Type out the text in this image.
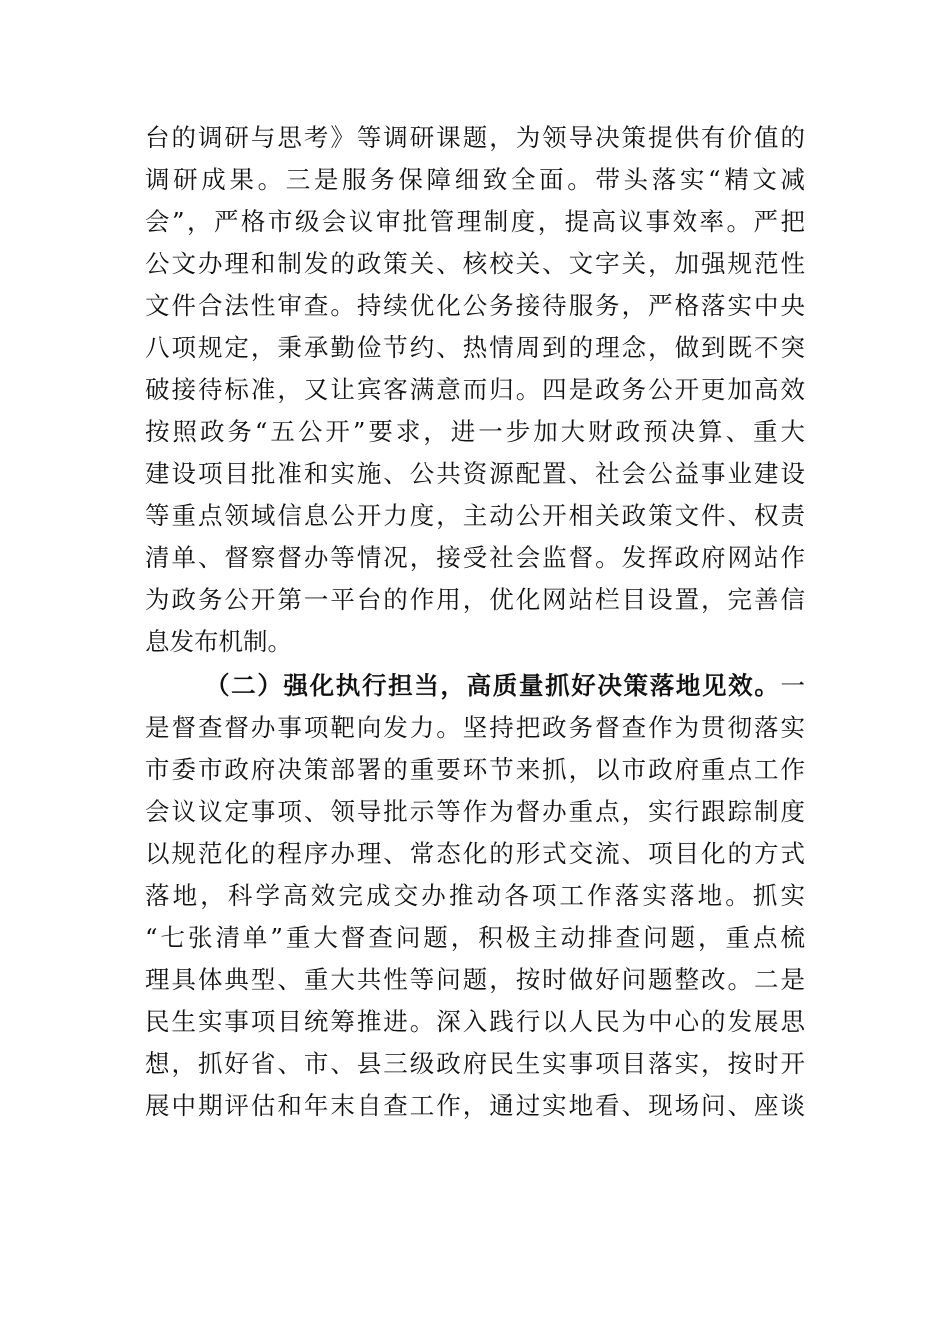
台的调研与思考》等调研课题，为领导决策提供有价值的
调研成果。三是服务保障细致全面。带头落实“精文减
会”，严格市级会议审批管理制度，提高议事效率。严把
公文办理和制发的政策关、核校关、文字关，加强规范性
文件合法性审查。持续优化公务接待服务，严格落实中央
八项规定，秉承勤俭节约、热情周到的理念，做到既不突
破接待标准，又让宾客满意而归。四是政务公开更加高效
按照政务“五公开”要求，进一步加大财政预决算、重大
建设项目批准和实施、公共资源配置、社会公益事业建设
等重点领域信息公开力度，主动公开相关政策文件、权责
清单、督察督办等情况，接受社会监督。发挥政府网站作
为政务公开第一平台的作用，优化网站栏目设置，完善信
息发布机制。
（二）强化执行担当，高质量抓好决策落地见效。一
是督查督办事项靶向发力。坚持把政务督查作为贯彻落实
市委市政府决策部署的重要环节来抓，以市政府重点工作
会议议定事项、领导批示等作为督办重点，实行跟踪制度
以规范化的程序办理、常态化的形式交流、项目化的方式
落地，科学高效完成交办推动各项工作落实落地。抓实
“七张清单”重大督查问题，积极主动排查问题，重点梳
理具体典型、重大共性等问题，按时做好问题整改。二是
民生实事项目统筹推进。深入践行以人民为中心的发展思
想，抓好省、市、县三级政府民生实事项目落实，按时开
展中期评估和年末自查工作，通过实地看、现场问、座谈
